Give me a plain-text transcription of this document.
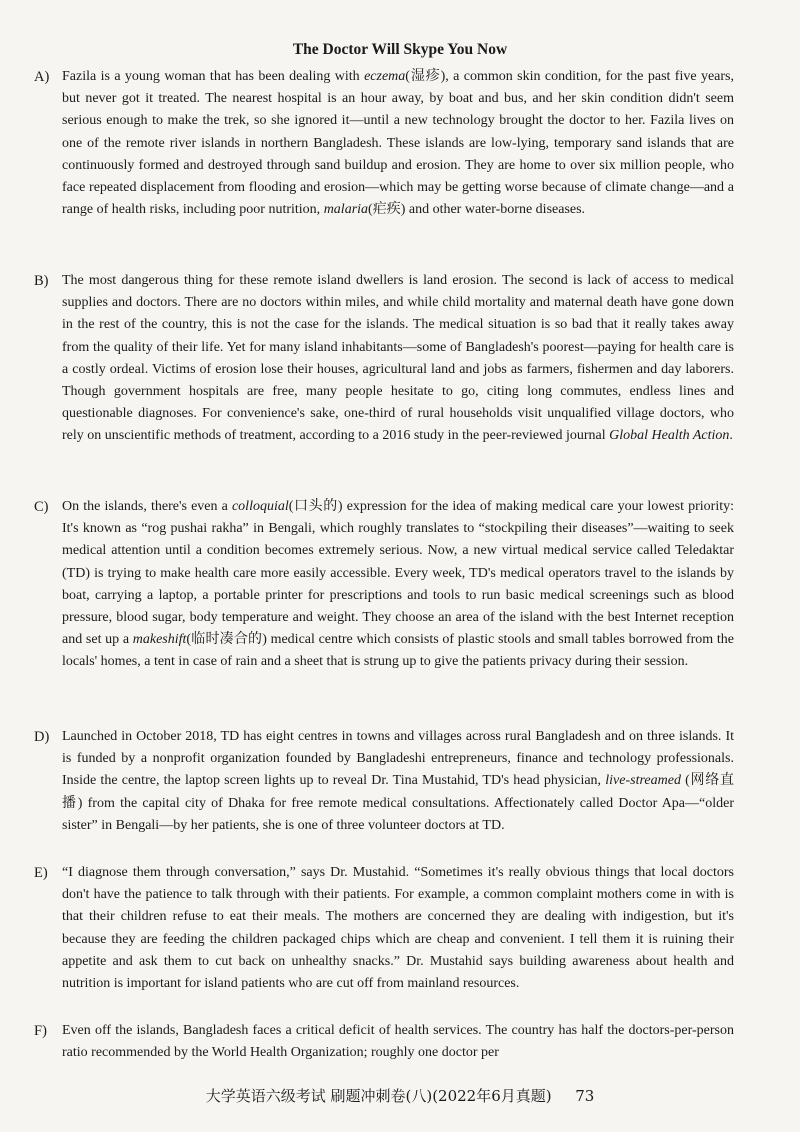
The Doctor Will Skype You Now
A) Fazila is a young woman that has been dealing with eczema(湿疹), a common skin condition, for the past five years, but never got it treated. The nearest hospital is an hour away, by boat and bus, and her skin condition didn't seem serious enough to make the trek, so she ignored it—until a new technology brought the doctor to her. Fazila lives on one of the remote river islands in northern Bangladesh. These islands are low-lying, temporary sand islands that are continuously formed and destroyed through sand buildup and erosion. They are home to over six million people, who face repeated displacement from flooding and erosion—which may be getting worse because of climate change—and a range of health risks, including poor nutrition, malaria(疟疾) and other water-borne diseases.
B) The most dangerous thing for these remote island dwellers is land erosion. The second is lack of access to medical supplies and doctors. There are no doctors within miles, and while child mortality and maternal death have gone down in the rest of the country, this is not the case for the islands. The medical situation is so bad that it really takes away from the quality of their life. Yet for many island inhabitants—some of Bangladesh's poorest—paying for health care is a costly ordeal. Victims of erosion lose their houses, agricultural land and jobs as farmers, fishermen and day laborers. Though government hospitals are free, many people hesitate to go, citing long commutes, endless lines and questionable diagnoses. For convenience's sake, one-third of rural households visit unqualified village doctors, who rely on unscientific methods of treatment, according to a 2016 study in the peer-reviewed journal Global Health Action.
C) On the islands, there's even a colloquial(口头的) expression for the idea of making medical care your lowest priority: It's known as “rog pushai rakha” in Bengali, which roughly translates to “stockpiling their diseases”—waiting to seek medical attention until a condition becomes extremely serious. Now, a new virtual medical service called Teledaktar (TD) is trying to make health care more easily accessible. Every week, TD's medical operators travel to the islands by boat, carrying a laptop, a portable printer for prescriptions and tools to run basic medical screenings such as blood pressure, blood sugar, body temperature and weight. They choose an area of the island with the best Internet reception and set up a makeshift(临时凑合的) medical centre which consists of plastic stools and small tables borrowed from the locals' homes, a tent in case of rain and a sheet that is strung up to give the patients privacy during their session.
D) Launched in October 2018, TD has eight centres in towns and villages across rural Bangladesh and on three islands. It is funded by a nonprofit organization founded by Bangladeshi entrepreneurs, finance and technology professionals. Inside the centre, the laptop screen lights up to reveal Dr. Tina Mustahid, TD's head physician, live-streamed (网络直播) from the capital city of Dhaka for free remote medical consultations. Affectionately called Doctor Apa—“older sister” in Bengali—by her patients, she is one of three volunteer doctors at TD.
E) “I diagnose them through conversation,” says Dr. Mustahid. “Sometimes it's really obvious things that local doctors don't have the patience to talk through with their patients. For example, a common complaint mothers come in with is that their children refuse to eat their meals. The mothers are concerned they are dealing with indigestion, but it's because they are feeding the children packaged chips which are cheap and convenient. I tell them it is ruining their appetite and ask them to cut back on unhealthy snacks.” Dr. Mustahid says building awareness about health and nutrition is important for island patients who are cut off from mainland resources.
F) Even off the islands, Bangladesh faces a critical deficit of health services. The country has half the doctors-per-person ratio recommended by the World Health Organization; roughly one doctor per
大学英语六级考试 刷题冲刺卷(八)(2022年6月真题) 73
